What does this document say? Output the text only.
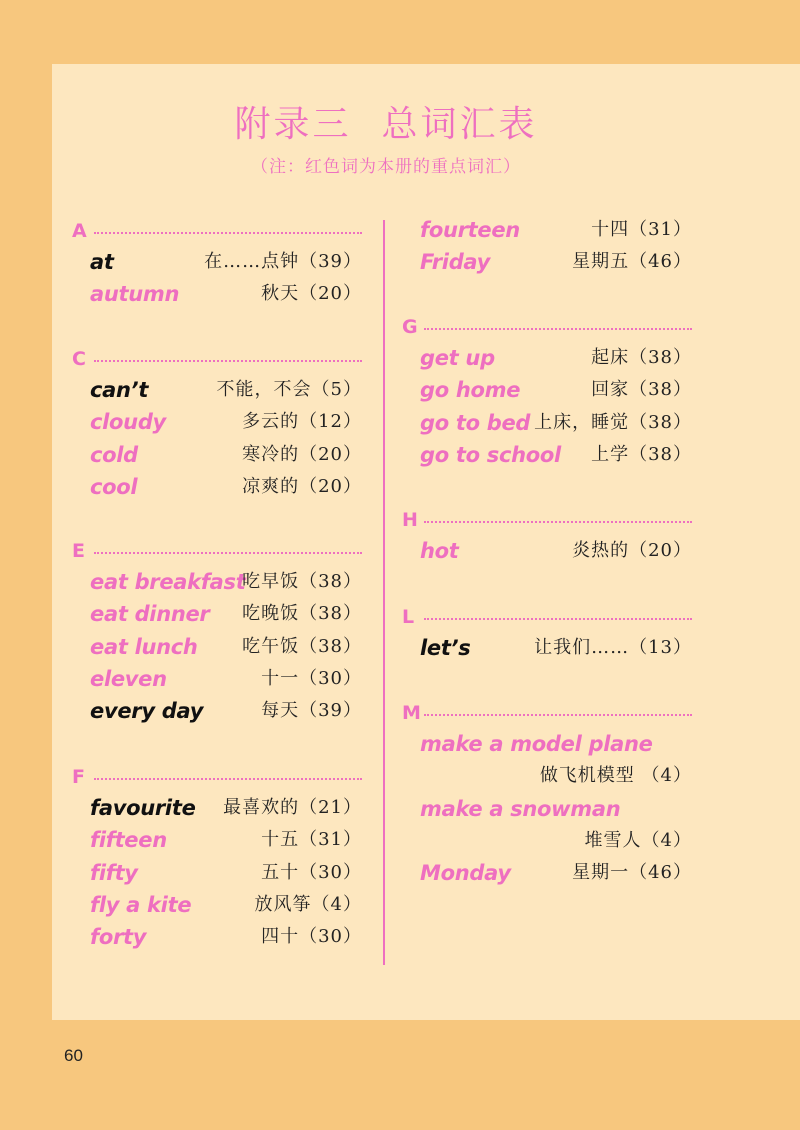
附录三 总词汇表
（注：红色词为本册的重点词汇）
A
at	在……点钟（39）
autumn	秋天（20）
C
can’t	不能，不会（5）
cloudy	多云的（12）
cold	寒冷的（20）
cool	凉爽的（20）
E
eat breakfast
吃早饭（38）
eat dinner 吃晚饭（38）
eat lunch 吃午饭（38）
eleven	十一（30）
every day	每天（39）
F
favourite 最喜欢的（21）
fifteen	十五（31）
fifty	五十（30）
fly a kite	放风筝（4）
forty	四十（30）
fourteen	十四（31）
Friday	星期五（46）
G
get up	起床（38）
go home	回家（38）
go to bed 上床，睡觉（38）
go to school 上学（38）
H
hot	炎热的（20）
L
let’s	让我们……（13）
M
make a model plane
做飞机模型 （4）
make a snowman
堆雪人（4）
Monday	星期一（46）
60
